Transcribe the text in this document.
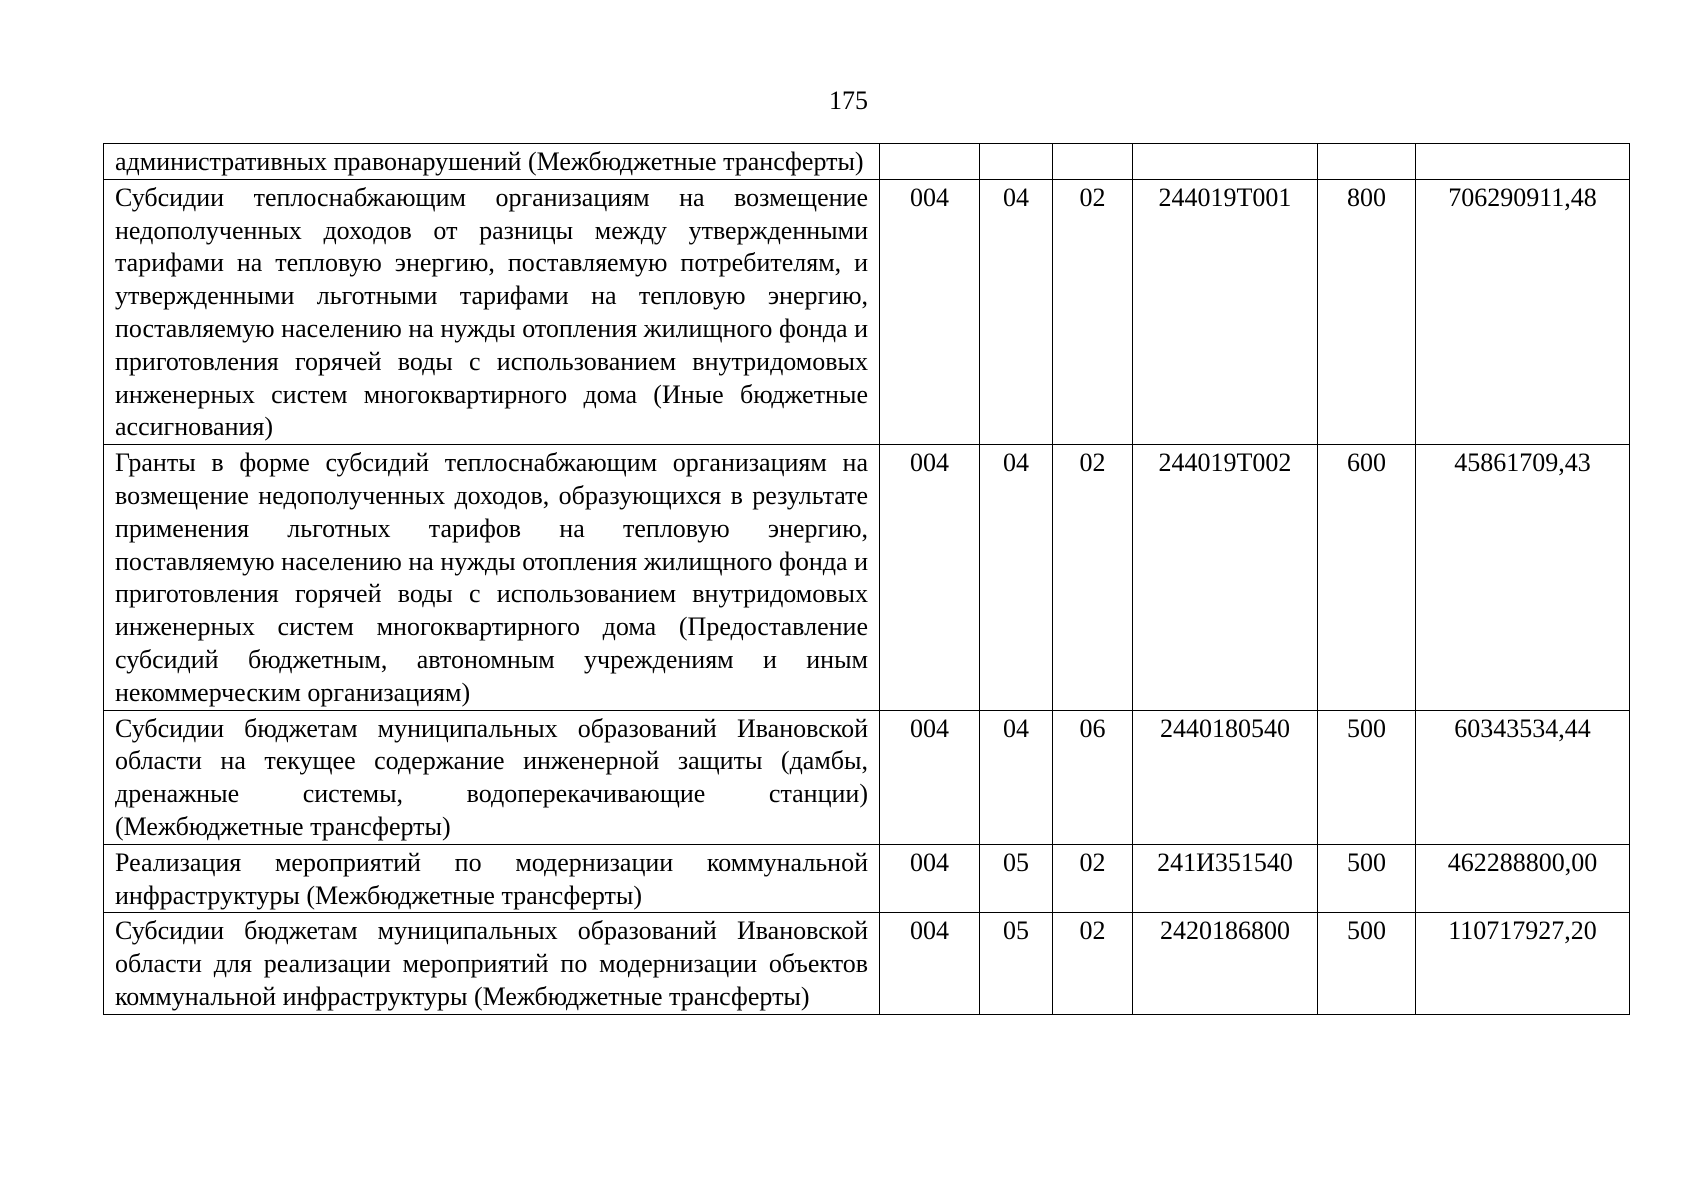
175
административных правонарушений (Межбюджетные трансферты)						
Субсидии теплоснабжающим организациям на возмещение недополученных доходов от разницы между утвержденными тарифами на тепловую энергию, поставляемую потребителям, и утвержденными льготными тарифами на тепловую энергию, поставляемую населению на нужды отопления жилищного фонда и приготовления горячей воды с использованием внутридомовых инженерных систем многоквартирного дома (Иные бюджетные ассигнования)	004	04	02	244019Т001	800	706290911,48
Гранты в форме субсидий теплоснабжающим организациям на возмещение недополученных доходов, образующихся в результате применения льготных тарифов на тепловую энергию, поставляемую населению на нужды отопления жилищного фонда и приготовления горячей воды с использованием внутридомовых инженерных систем многоквартирного дома (Предоставление субсидий бюджетным, автономным учреждениям и иным некоммерческим организациям)	004	04	02	244019Т002	600	45861709,43
Субсидии бюджетам муниципальных образований Ивановской области на текущее содержание инженерной защиты (дамбы, дренажные системы, водоперекачивающие станции) (Межбюджетные трансферты)	004	04	06	2440180540	500	60343534,44
Реализация мероприятий по модернизации коммунальной инфраструктуры (Межбюджетные трансферты)	004	05	02	241И351540	500	462288800,00
Субсидии бюджетам муниципальных образований Ивановской области для реализации мероприятий по модернизации объектов коммунальной инфраструктуры (Межбюджетные трансферты)	004	05	02	2420186800	500	110717927,20
